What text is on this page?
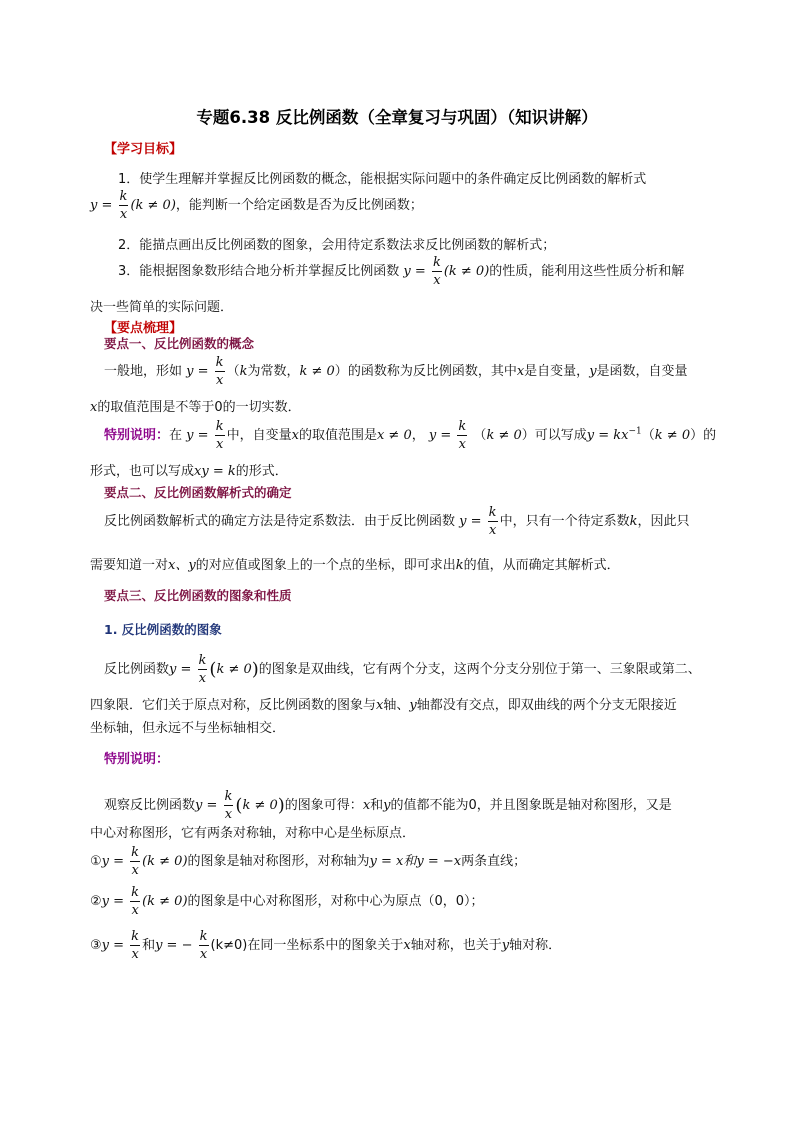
专题6.38 反比例函数（全章复习与巩固）（知识讲解）
【学习目标】
1．使学生理解并掌握反比例函数的概念，能根据实际问题中的条件确定反比例函数的解析式
$y = \frac{k}{x} (k \ne 0)$，能判断一个给定函数是否为反比例函数；
2．能描点画出反比例函数的图象，会用待定系数法求反比例函数的解析式；
3．能根据图象数形结合地分析并掌握反比例函数 $y = \frac{k}{x} (k \ne 0)$的性质，能利用这些性质分析和解
决一些简单的实际问题．
【要点梳理】
要点一、反比例函数的概念
一般地，形如 $y = \frac{k}{x} (k$为常数，k ≠ 0）的函数称为反比例函数，其中x是自变量，y是函数，自变量
x的取值范围是不等于0的一切实数．
特别说明：在 $y = \frac{k}{x}$ 中，自变量x的取值范围是x ≠ 0， $y = \frac{k}{x} (k \ne 0)$可以写成$y = kx^{-1}(k \ne 0)$的
形式，也可以写成xy = k的形式．
要点二、反比例函数解析式的确定
反比例函数解析式的确定方法是待定系数法．由于反比例函数 $y = \frac{k}{x}$ 中，只有一个待定系数k，因此只
需要知道一对x、y的对应值或图象上的一个点的坐标，即可求出k的值，从而确定其解析式．
要点三、反比例函数的图象和性质
1. 反比例函数的图象
反比例函数$y = \frac{k}{x} (k \ne 0)$的图象是双曲线，它有两个分支，这两个分支分别位于第一、三象限或第二、
四象限．它们关于原点对称，反比例函数的图象与x轴、y轴都没有交点，即双曲线的两个分支无限接近
坐标轴，但永远不与坐标轴相交．
特别说明：
观察反比例函数$y = \frac{k}{x} (k \ne 0)$的图象可得：x和y的值都不能为0，并且图象既是轴对称图形，又是
中心对称图形，它有两条对称轴，对称中心是坐标原点．
①y = $\frac{k}{x} (k \ne 0)$的图象是轴对称图形，对称轴为y = x和y = −x两条直线；
②y = $\frac{k}{x} (k \ne 0)$的图象是中心对称图形，对称中心为原点（0，0）；
③y = $\frac{k}{x}$ 和y = − $\frac{k}{x} (k\ne 0)$在同一坐标系中的图象关于x轴对称，也关于y轴对称．
